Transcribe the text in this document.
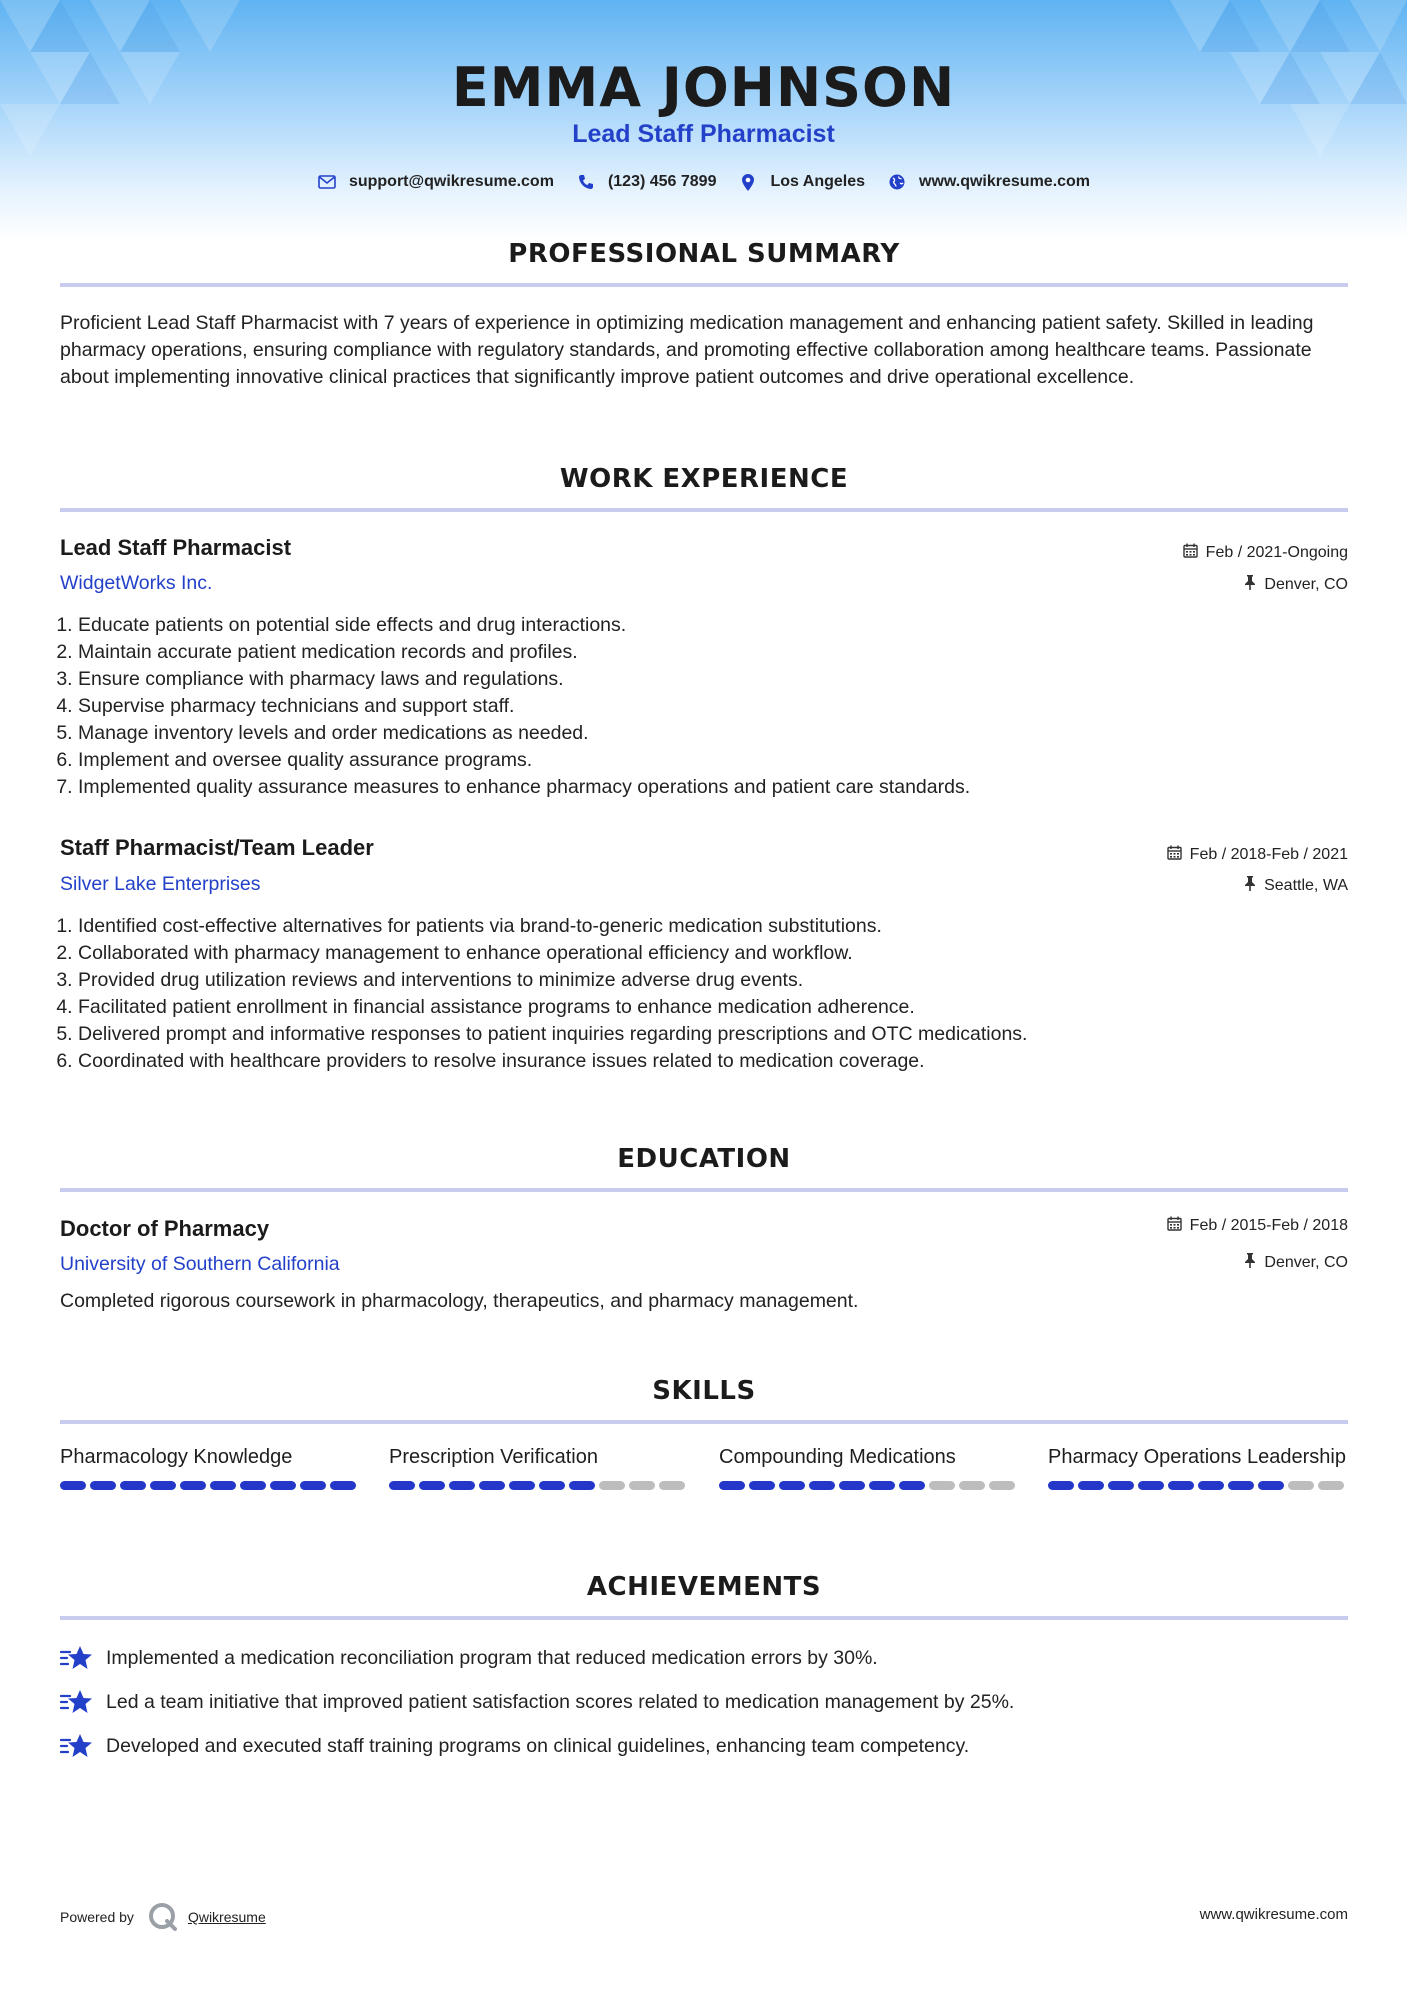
EMMA JOHNSON
Lead Staff Pharmacist
support@qwikresume.com	(123) 456 7899	Los Angeles	www.qwikresume.com
PROFESSIONAL SUMMARY
Proficient Lead Staff Pharmacist with 7 years of experience in optimizing medication management and enhancing patient safety. Skilled in leading pharmacy operations, ensuring compliance with regulatory standards, and promoting effective collaboration among healthcare teams. Passionate about implementing innovative clinical practices that significantly improve patient outcomes and drive operational excellence.
WORK EXPERIENCE
Lead Staff Pharmacist
WidgetWorks Inc.
Feb / 2021-Ongoing
Denver, CO
1. Educate patients on potential side effects and drug interactions.
2. Maintain accurate patient medication records and profiles.
3. Ensure compliance with pharmacy laws and regulations.
4. Supervise pharmacy technicians and support staff.
5. Manage inventory levels and order medications as needed.
6. Implement and oversee quality assurance programs.
7. Implemented quality assurance measures to enhance pharmacy operations and patient care standards.
Staff Pharmacist/Team Leader
Silver Lake Enterprises
Feb / 2018-Feb / 2021
Seattle, WA
1. Identified cost-effective alternatives for patients via brand-to-generic medication substitutions.
2. Collaborated with pharmacy management to enhance operational efficiency and workflow.
3. Provided drug utilization reviews and interventions to minimize adverse drug events.
4. Facilitated patient enrollment in financial assistance programs to enhance medication adherence.
5. Delivered prompt and informative responses to patient inquiries regarding prescriptions and OTC medications.
6. Coordinated with healthcare providers to resolve insurance issues related to medication coverage.
EDUCATION
Doctor of Pharmacy
University of Southern California
Feb / 2015-Feb / 2018
Denver, CO
Completed rigorous coursework in pharmacology, therapeutics, and pharmacy management.
SKILLS
Pharmacology Knowledge	Prescription Verification	Compounding Medications	Pharmacy Operations Leadership
ACHIEVEMENTS
Implemented a medication reconciliation program that reduced medication errors by 30%.
Led a team initiative that improved patient satisfaction scores related to medication management by 25%.
Developed and executed staff training programs on clinical guidelines, enhancing team competency.
Powered by	Qwikresume	www.qwikresume.com
